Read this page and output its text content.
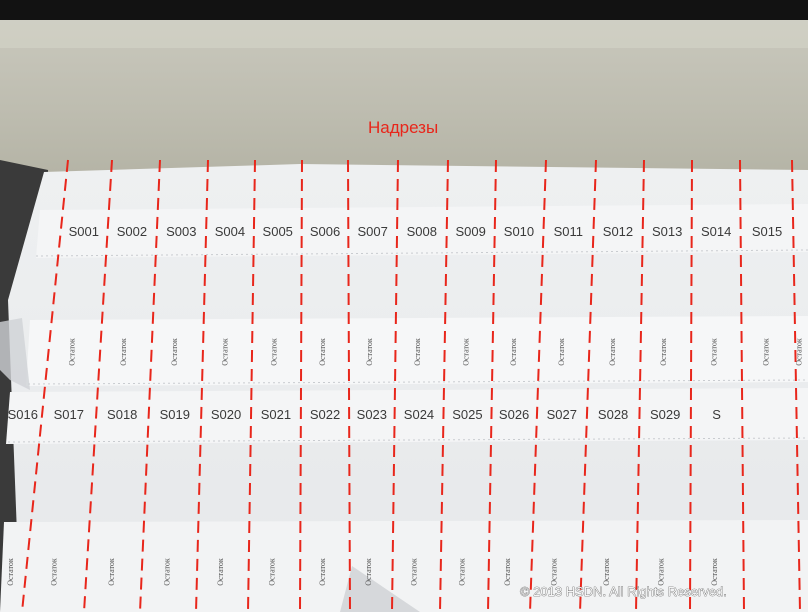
S001 S002 S003 S004 S005 S006 S007 S008 S009 S010 S011 S012 S013 S014 S015
S016 S017 S018 S019 S020 S021 S022 S023 S024 S025 S026 S027 S028 S029 S
Остаток	Остаток	Остаток	Остаток	Остаток	Остаток	Остаток	Остаток	Остаток	Остаток	Остаток	Остаток	Остаток	Остаток	Остаток	Остаток
Остаток	Остаток	Остаток	Остаток	Остаток	Остаток	Остаток	Остаток	Остаток	Остаток	Остаток	Остаток	Остаток	Остаток	Остаток
Надрезы
© 2013 HSDN. All Rights Reserved.
